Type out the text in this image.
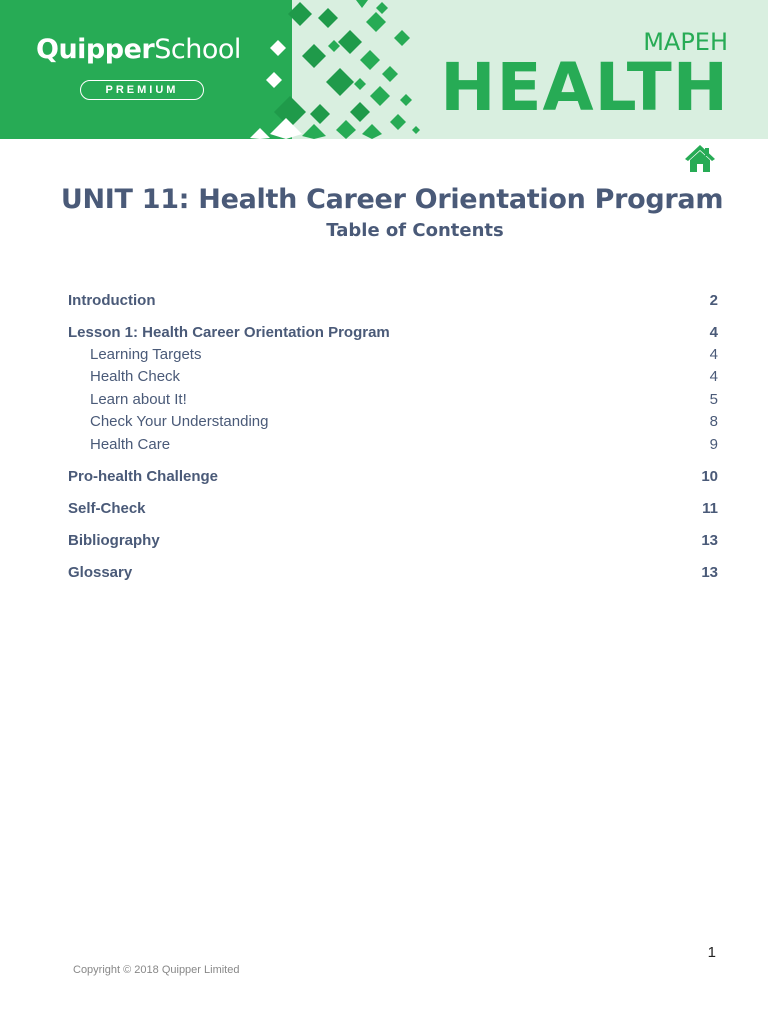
QuipperSchool
PREMIUM
MAPEH
HEALTH
UNIT 11: Health Career Orientation Program
Table of Contents
Introduction	2
Lesson 1: Health Career Orientation Program	4
Learning Targets	4
Health Check	4
Learn about It!	5
Check Your Understanding	8
Health Care	9
Pro-health Challenge	10
Self-Check	11
Bibliography	13
Glossary	13
1
Copyright © 2018 Quipper Limited
